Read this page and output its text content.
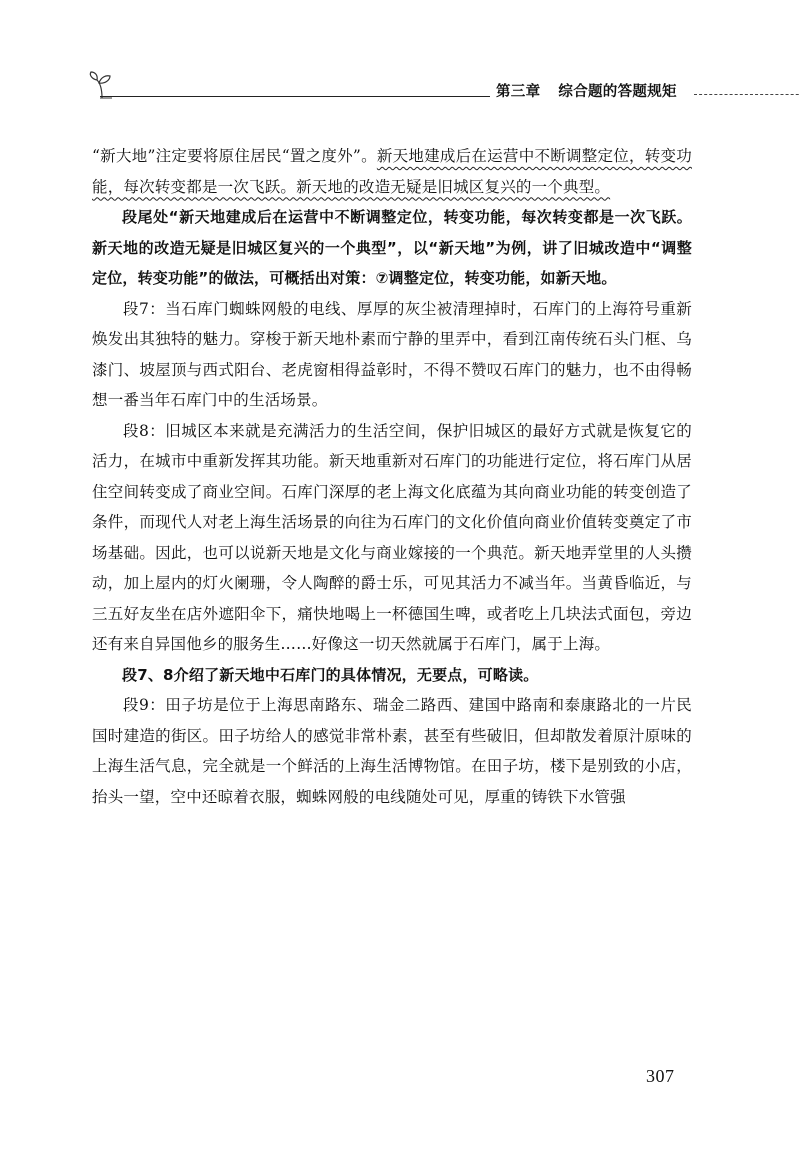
第三章 综合题的答题规矩

“新大地”注定要将原住居民“置之度外”。新天地建成后在运营中不断调整定位，转变功能，每次转变都是一次飞跃。新天地的改造无疑是旧城区复兴的一个典型。

段尾处“新天地建成后在运营中不断调整定位，转变功能，每次转变都是一次飞跃。新天地的改造无疑是旧城区复兴的一个典型”，以“新天地”为例，讲了旧城改造中“调整定位，转变功能”的做法，可概括出对策：⑦调整定位，转变功能，如新天地。

段7：当石库门蜘蛛网般的电线、厚厚的灰尘被清理掉时，石库门的上海符号重新焕发出其独特的魅力。穿梭于新天地朴素而宁静的里弄中，看到江南传统石头门框、乌漆门、坡屋顶与西式阳台、老虎窗相得益彰时，不得不赞叹石库门的魅力，也不由得畅想一番当年石库门中的生活场景。

段8：旧城区本来就是充满活力的生活空间，保护旧城区的最好方式就是恢复它的活力，在城市中重新发挥其功能。新天地重新对石库门的功能进行定位，将石库门从居住空间转变成了商业空间。石库门深厚的老上海文化底蕴为其向商业功能的转变创造了条件，而现代人对老上海生活场景的向往为石库门的文化价值向商业价值转变奠定了市场基础。因此，也可以说新天地是文化与商业嫁接的一个典范。新天地弄堂里的人头攒动，加上屋内的灯火阑珊，令人陶醉的爵士乐，可见其活力不减当年。当黄昏临近，与三五好友坐在店外遮阳伞下，痛快地喝上一杯德国生啤，或者吃上几块法式面包，旁边还有来自异国他乡的服务生……好像这一切天然就属于石库门，属于上海。

段7、8介绍了新天地中石库门的具体情况，无要点，可略读。

段9：田子坊是位于上海思南路东、瑞金二路西、建国中路南和泰康路北的一片民国时建造的街区。田子坊给人的感觉非常朴素，甚至有些破旧，但却散发着原汁原味的上海生活气息，完全就是一个鲜活的上海生活博物馆。在田子坊，楼下是别致的小店，抬头一望，空中还晾着衣服，蜘蛛网般的电线随处可见，厚重的铸铁下水管强

307
